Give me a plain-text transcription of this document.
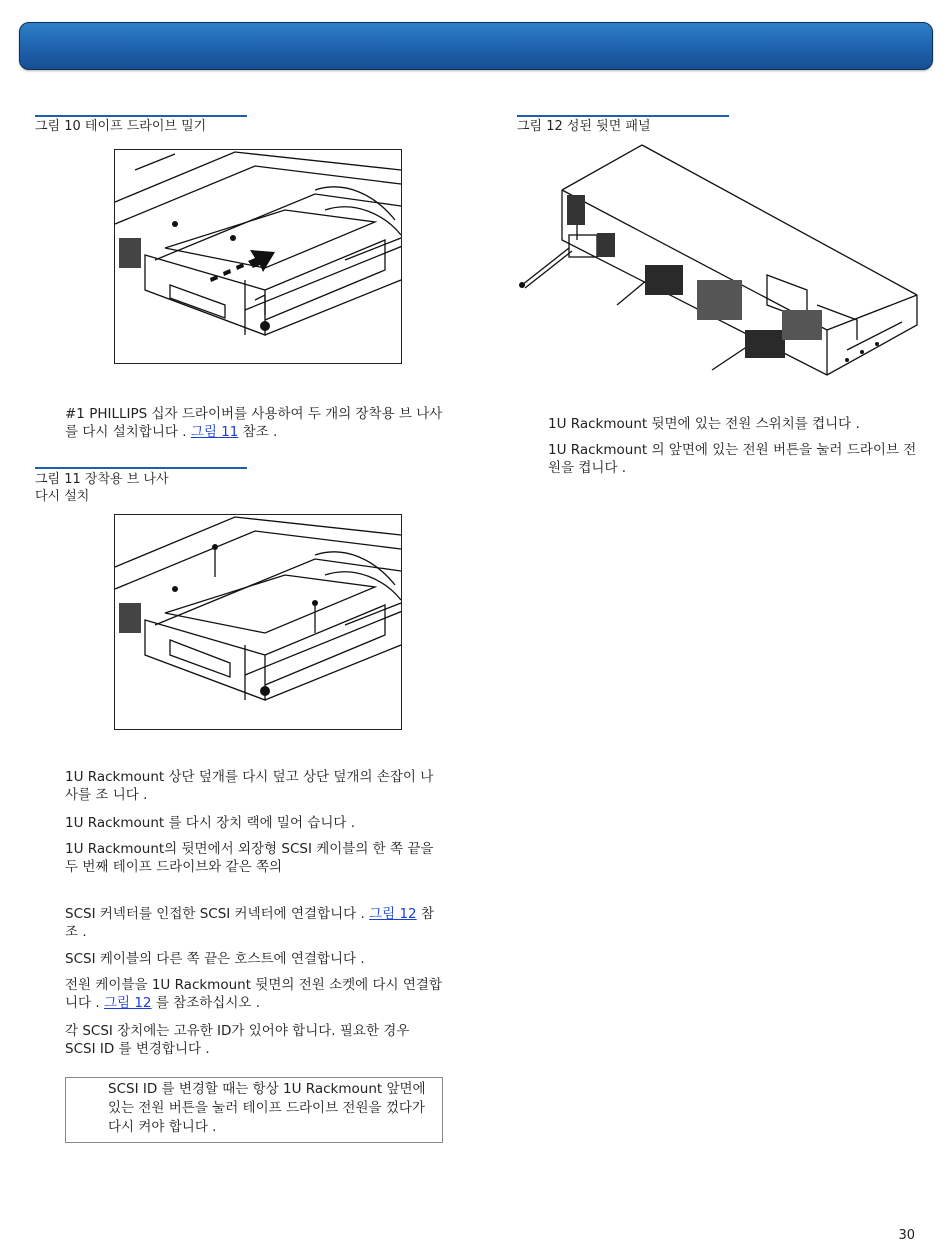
그림 10 테이프 드라이브 밀기
#1 PHILLIPS 십자 드라이버를 사용하여 두 개의 장착용 브 나사를 다시 설치합니다 . 그림 11 참조 .
그림 11 장착용 브 나사
다시 설치
1U Rackmount 상단 덮개를 다시 덮고 상단 덮개의 손잡이 나사를 조 니다 .
1U Rackmount 를 다시 장치 랙에 밀어 습니다 .
1U Rackmount의 뒷면에서 외장형 SCSI 케이블의 한 쪽 끝을 두 번째 테이프 드라이브와 같은 쪽의
SCSI 커넥터를 인접한 SCSI 커넥터에 연결합니다 . 그림 12 참조 .
SCSI 케이블의 다른 쪽 끝은 호스트에 연결합니다 .
전원 케이블을 1U Rackmount 뒷면의 전원 소켓에 다시 연결합니다 . 그림 12 를 참조하십시오 .
각 SCSI 장치에는 고유한 ID가 있어야 합니다. 필요한 경우 SCSI ID 를 변경합니다 .
SCSI ID 를 변경할 때는 항상 1U Rackmount 앞면에 있는 전원 버튼을 눌러 테이프 드라이브 전원을 껐다가 다시 켜야 합니다 .
그림 12 성된 뒷면 패널
1U Rackmount 뒷면에 있는 전원 스위치를 켭니다 .
1U Rackmount 의 앞면에 있는 전원 버튼을 눌러 드라이브 전원을 켭니다 .
30
